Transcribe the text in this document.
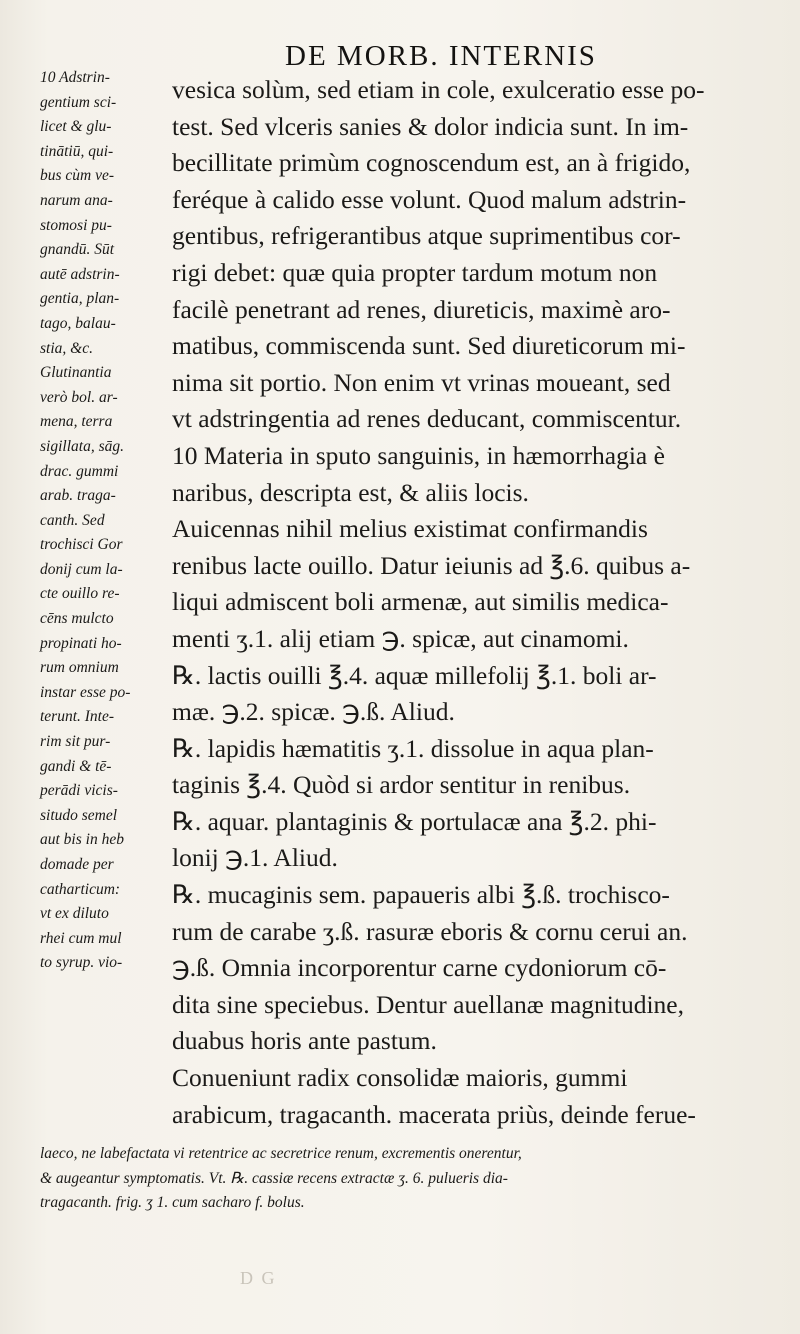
DE MORB. INTERNIS
10 Adstrin-
gentium sci-
licet & glu-
tinātiū, qui-
bus cùm ve-
narum ana-
stomosi pu-
gnandū. Sūt
autē adstrin-
gentia, plan-
tago, balau-
stia, &c.
Glutinantia
verò bol. ar-
mena, terra
sigillata, sāg.
drac. gummi
arab. traga-
canth. Sed
trochisci Gor
donij cum la-
cte ouillo re-
cēns mulcto
propinati ho-
rum omnium
instar esse po-
terunt. Inte-
rim sit pur-
gandi & tē-
perādi vicis-
situdo semel
aut bis in heb
domade per
catharticum:
vt ex diluto
rhei cum mul
to syrup. vio-
vesica solùm, sed etiam in cole, exulceratio esse po-
test. Sed vlceris sanies & dolor indicia sunt. In im-
becillitate primùm cognoscendum est, an à frigido,
feréque à calido esse volunt. Quod malum adstrin-
gentibus, refrigerantibus atque suprimentibus cor-
rigi debet: quæ quia propter tardum motum non
facilè penetrant ad renes, diureticis, maximè aro-
matibus, commiscenda sunt. Sed diureticorum mi-
nima sit portio. Non enim vt vrinas moueant, sed
vt adstringentia ad renes deducant, commiscentur.
10 Materia in sputo sanguinis, in hæmorrhagia è
naribus, descripta est, & aliis locis.
Auicennas nihil melius existimat confirmandis
renibus lacte ouillo. Datur ieiunis ad ℥.6. quibus a-
liqui admiscent boli armenæ, aut similis medica-
menti ʒ.1. alij etiam ℈. spicæ, aut cinamomi.
℞. lactis ouilli ℥.4. aquæ millefolij ℥.1. boli ar-
mæ. ℈.2. spicæ. ℈.ß. Aliud.
℞. lapidis hæmatitis ʒ.1. dissolue in aqua plan-
taginis ℥.4. Quòd si ardor sentitur in renibus.
℞. aquar. plantaginis & portulacæ ana ℥.2. phi-
lonij ℈.1. Aliud.
℞. mucaginis sem. papaueris albi ℥.ß. trochisco-
rum de carabe ʒ.ß. rasuræ eboris & cornu cerui an.
℈.ß. Omnia incorporentur carne cydoniorum cō-
dita sine speciebus. Dentur auellanæ magnitudine,
duabus horis ante pastum.
Conueniunt radix consolidæ maioris, gummi
arabicum, tragacanth. macerata priùs, deinde ferue-
laeco, ne labefactata vi retentrice ac secretrice renum, excrementis onerentur,
& augeantur symptomatis. Vt. ℞. cassiæ recens extractæ ʒ. 6. pulueris dia-
tragacanth. frig. ʒ 1. cum sacharo f. bolus.
D G
